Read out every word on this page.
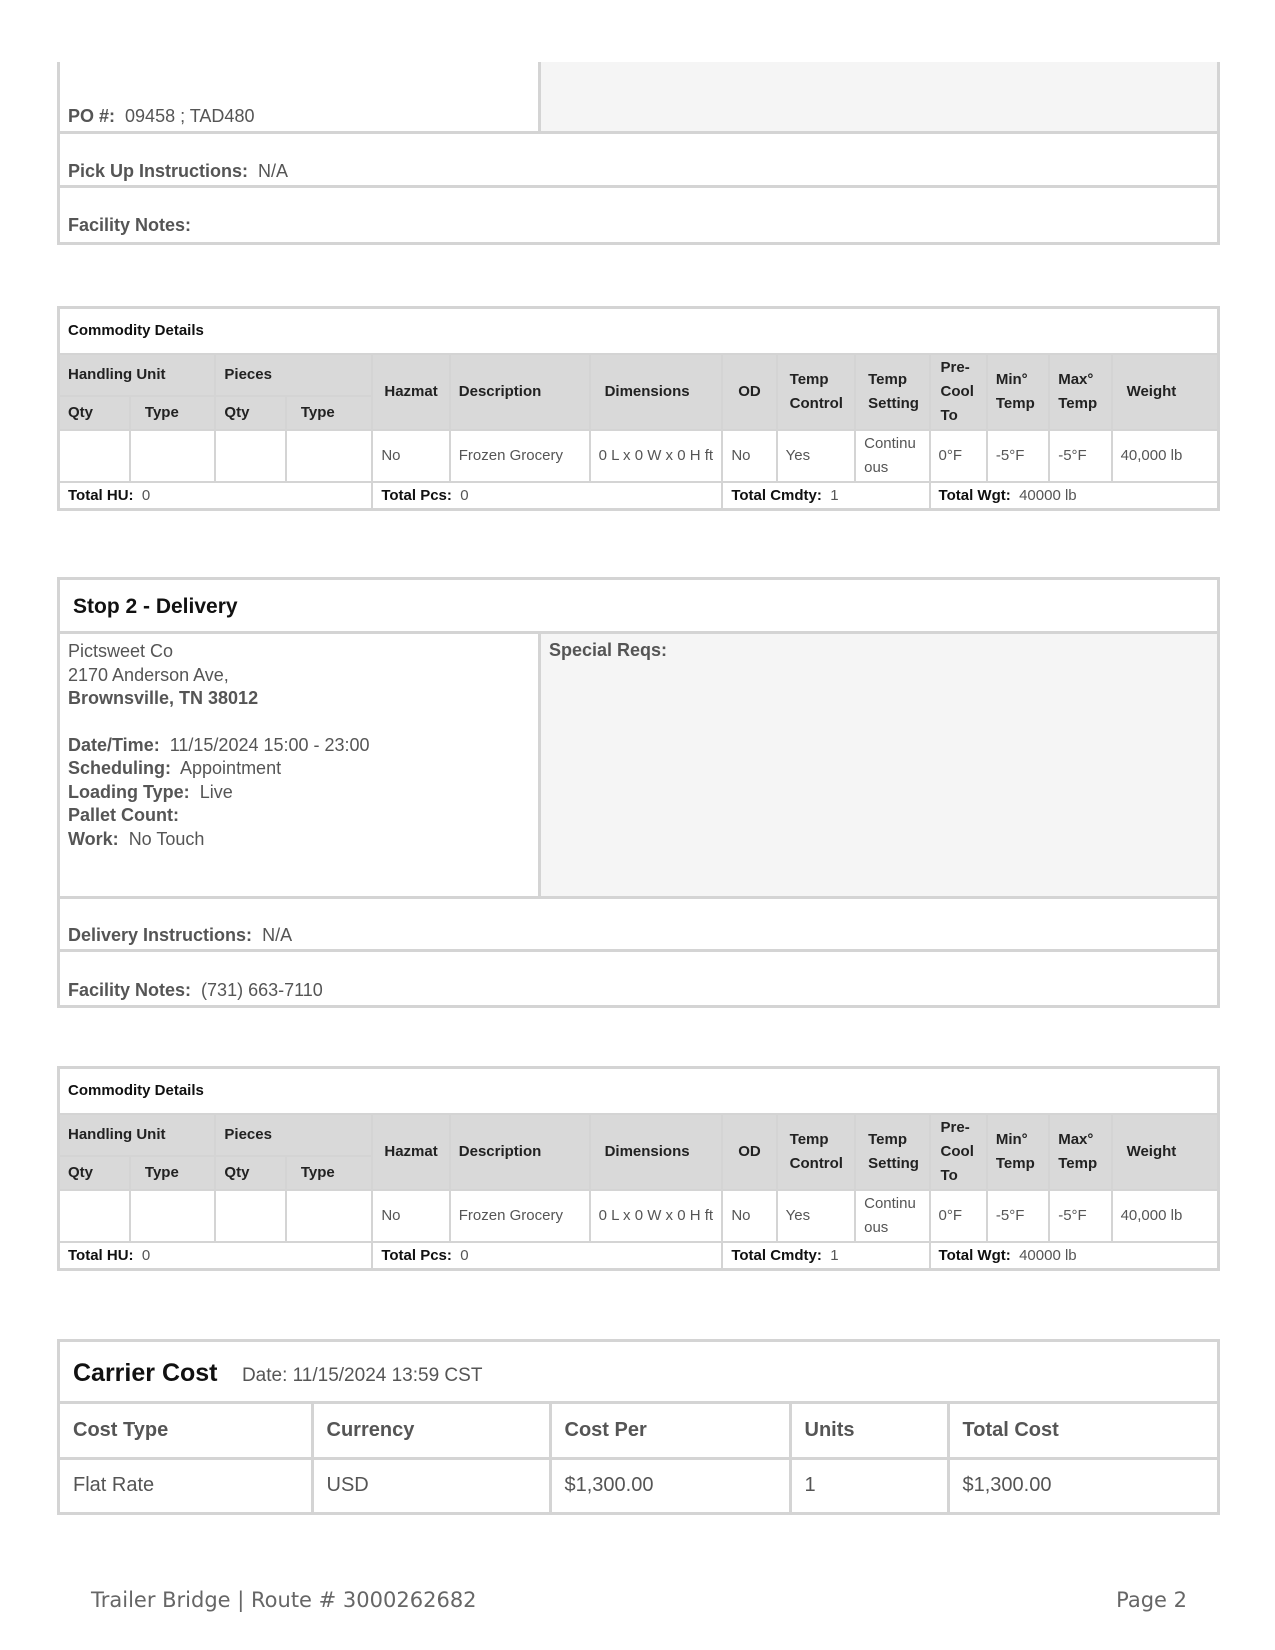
PO #: 09458 ; TAD480
Pick Up Instructions: N/A
Facility Notes:
Commodity Details													
Handling Unit		Pieces		Hazmat	Description	Dimensions	OD	Temp Control	Temp Setting	Pre-Cool To	Min° Temp	Max° Temp	Weight
Qty	Type	Qty	Type										
				No	Frozen Grocery	0 L x 0 W x 0 H ft	No	Yes	Continuous	0°F	-5°F	-5°F	40,000 lb
Total HU: 0				Total Pcs: 0			Total Cmdty: 1			Total Wgt: 40000 lb			
Stop 2 - Delivery
Pictsweet Co
2170 Anderson Ave,
Brownsville, TN 38012
Date/Time: 11/15/2024 15:00 - 23:00
Scheduling: Appointment
Loading Type: Live
Pallet Count:
Work: No Touch
Special Reqs:
Delivery Instructions: N/A
Facility Notes: (731) 663-7110
Commodity Details													
Handling Unit		Pieces		Hazmat	Description	Dimensions	OD	Temp Control	Temp Setting	Pre-Cool To	Min° Temp	Max° Temp	Weight
Qty	Type	Qty	Type										
				No	Frozen Grocery	0 L x 0 W x 0 H ft	No	Yes	Continuous	0°F	-5°F	-5°F	40,000 lb
Total HU: 0				Total Pcs: 0			Total Cmdty: 1			Total Wgt: 40000 lb			
Carrier Cost Date: 11/15/2024 13:59 CST
Cost Type	Currency	Cost Per	Units	Total Cost
Flat Rate	USD	$1,300.00	1	$1,300.00
Trailer Bridge | Route # 3000262682	Page 2
